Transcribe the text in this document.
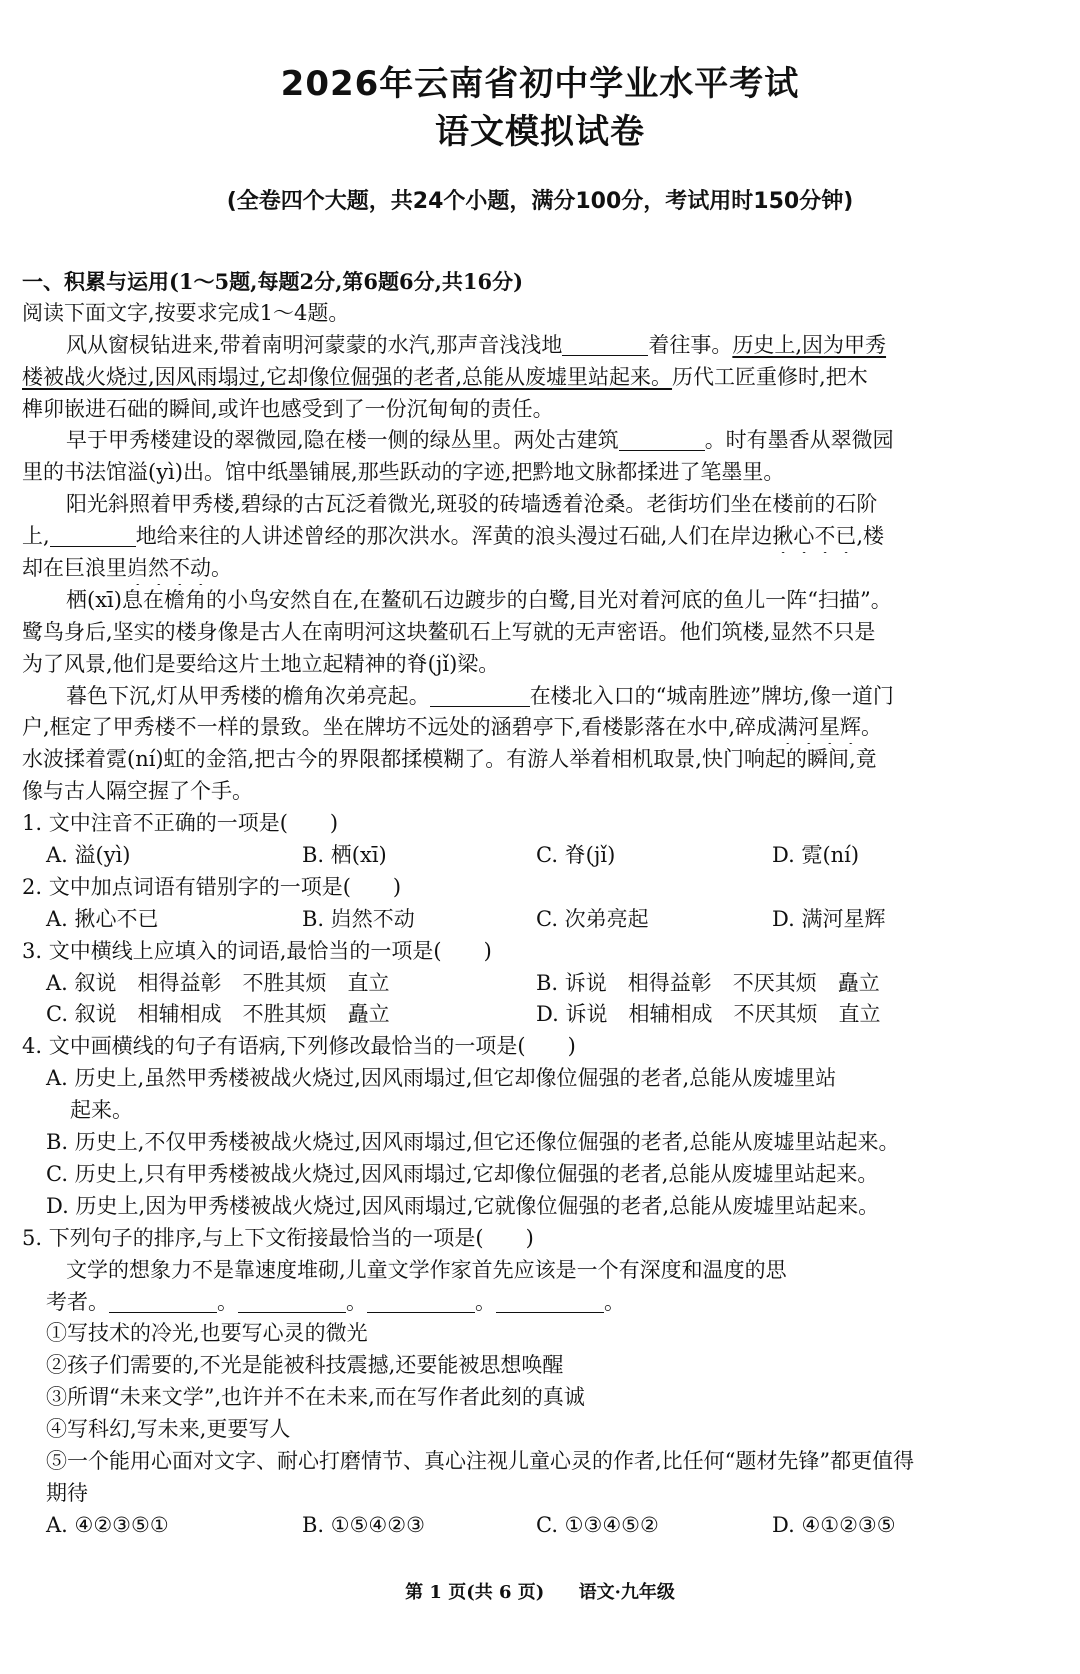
2026年云南省初中学业水平考试
语文模拟试卷
(全卷四个大题，共24个小题，满分100分，考试用时150分钟)
一、积累与运用(1～5题,每题2分,第6题6分,共16分)
阅读下面文字,按要求完成1～4题。
风从窗棂钻进来,带着南明河蒙蒙的水汽,那声音浅浅地	着往事。历史上,因为甲秀
楼被战火烧过,因风雨塌过,它却像位倔强的老者,总能从废墟里站起来。历代工匠重修时,把木
榫卯嵌进石础的瞬间,或许也感受到了一份沉甸甸的责任。
早于甲秀楼建设的翠微园,隐在楼一侧的绿丛里。两处古建筑	。时有墨香从翠微园
里的书法馆溢(yì)出。馆中纸墨铺展,那些跃动的字迹,把黔地文脉都揉进了笔墨里。
阳光斜照着甲秀楼,碧绿的古瓦泛着微光,斑驳的砖墙透着沧桑。老街坊们坐在楼前的石阶
上,	地给来往的人讲述曾经的那次洪水。浑黄的浪头漫过石础,人们在岸边揪心不已,楼
却在巨浪里岿然不动。
栖(xī)息在檐角的小鸟安然自在,在鳌矶石边踱步的白鹭,目光对着河底的鱼儿一阵“扫描”。
鹭鸟身后,坚实的楼身像是古人在南明河这块鳌矶石上写就的无声密语。他们筑楼,显然不只是
为了风景,他们是要给这片土地立起精神的脊(jǐ)梁。
暮色下沉,灯从甲秀楼的檐角次弟亮起。	在楼北入口的“城南胜迹”牌坊,像一道门
户,框定了甲秀楼不一样的景致。坐在牌坊不远处的涵碧亭下,看楼影落在水中,碎成满河星辉。
水波揉着霓(ní)虹的金箔,把古今的界限都揉模糊了。有游人举着相机取景,快门响起的瞬间,竟
像与古人隔空握了个手。
1. 文中注音不正确的一项是(　　)
A. 溢(yì)	B. 栖(xī)	C. 脊(jǐ)	D. 霓(ní)
2. 文中加点词语有错别字的一项是(　　)
A. 揪心不已	B. 岿然不动	C. 次弟亮起	D. 满河星辉
3. 文中横线上应填入的词语,最恰当的一项是(　　)
A. 叙说　相得益彰　不胜其烦　直立	B. 诉说　相得益彰　不厌其烦　矗立
C. 叙说　相辅相成　不胜其烦　矗立	D. 诉说　相辅相成　不厌其烦　直立
4. 文中画横线的句子有语病,下列修改最恰当的一项是(　　)
A. 历史上,虽然甲秀楼被战火烧过,因风雨塌过,但它却像位倔强的老者,总能从废墟里站
起来。
B. 历史上,不仅甲秀楼被战火烧过,因风雨塌过,但它还像位倔强的老者,总能从废墟里站起来。
C. 历史上,只有甲秀楼被战火烧过,因风雨塌过,它却像位倔强的老者,总能从废墟里站起来。
D. 历史上,因为甲秀楼被战火烧过,因风雨塌过,它就像位倔强的老者,总能从废墟里站起来。
5. 下列句子的排序,与上下文衔接最恰当的一项是(　　)
文学的想象力不是靠速度堆砌,儿童文学作家首先应该是一个有深度和温度的思
考者。	。	。	。	。
①写技术的冷光,也要写心灵的微光
②孩子们需要的,不光是能被科技震撼,还要能被思想唤醒
③所谓“未来文学”,也许并不在未来,而在写作者此刻的真诚
④写科幻,写未来,更要写人
⑤一个能用心面对文字、耐心打磨情节、真心注视儿童心灵的作者,比任何“题材先锋”都更值得
期待
A. ④②③⑤①	B. ①⑤④②③	C. ①③④⑤②	D. ④①②③⑤
第 1 页(共 6 页) 语文·九年级
